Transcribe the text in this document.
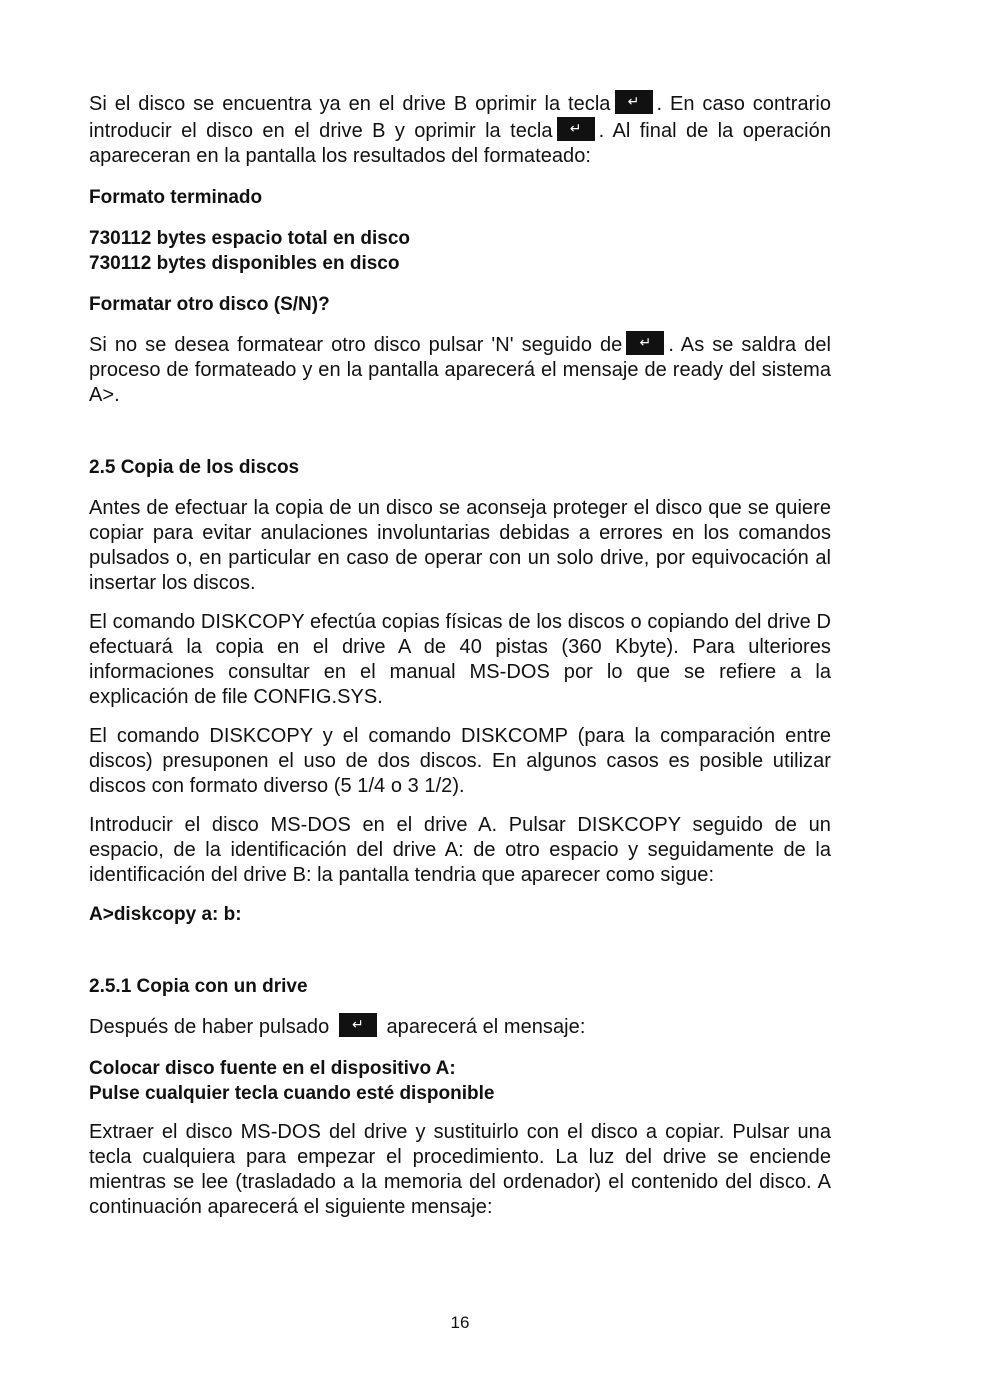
Si el disco se encuentra ya en el drive B oprimir la tecla ↵ . En caso contrario introducir el disco en el drive B y oprimir la tecla ↵ . Al final de la operación apareceran en la pantalla los resultados del formateado:

Formato terminado

730112 bytes espacio total en disco

730112 bytes disponibles en disco

Formatar otro disco (S/N)?

Si no se desea formatear otro disco pulsar 'N' seguido de ↵ . As se saldra del proceso de formateado y en la pantalla aparecerá el mensaje de ready del sistema A>.

2.5 Copia de los discos

Antes de efectuar la copia de un disco se aconseja proteger el disco que se quiere copiar para evitar anulaciones involuntarias debidas a errores en los comandos pulsados o, en particular en caso de operar con un solo drive, por equivocación al insertar los discos.

El comando DISKCOPY efectúa copias físicas de los discos o copiando del drive D efectuará la copia en el drive A de 40 pistas (360 Kbyte). Para ulteriores informaciones consultar en el manual MS-DOS por lo que se refiere a la explicación de file CONFIG.SYS.

El comando DISKCOPY y el comando DISKCOMP (para la comparación entre discos) presuponen el uso de dos discos. En algunos casos es posible utilizar discos con formato diverso (5 1/4 o 3 1/2).

Introducir el disco MS-DOS en el drive A. Pulsar DISKCOPY seguido de un espacio, de la identificación del drive A: de otro espacio y seguidamente de la identificación del drive B: la pantalla tendria que aparecer como sigue:

A>diskcopy a: b:

2.5.1 Copia con un drive

Después de haber pulsado ↵	aparecerá el mensaje:

Colocar disco fuente en el dispositivo A:

Pulse cualquier tecla cuando esté disponible

Extraer el disco MS-DOS del drive y sustituirlo con el disco a copiar. Pulsar una tecla cualquiera para empezar el procedimiento. La luz del drive se enciende mientras se lee (trasladado a la memoria del ordenador) el contenido del disco. A continuación aparecerá el siguiente mensaje:

16
